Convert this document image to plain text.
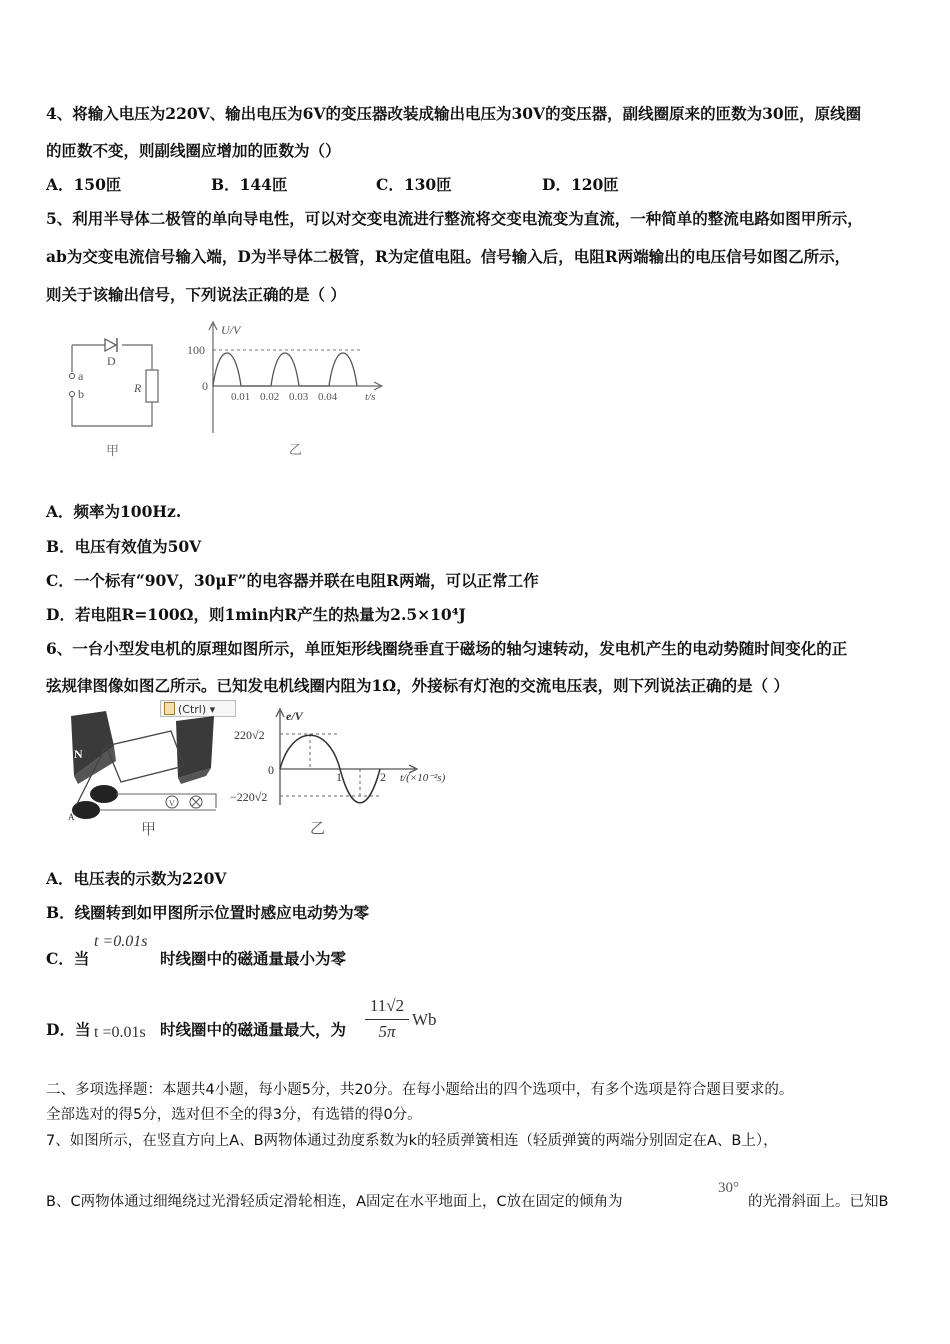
4、将输入电压为220V、输出电压为6V的变压器改装成输出电压为30V的变压器，副线圈原来的匝数为30匝，原线圈
的匝数不变，则副线圈应增加的匝数为（）
A．150匝	B．144匝	C．130匝	D．120匝
5、利用半导体二极管的单向导电性，可以对交变电流进行整流将交变电流变为直流，一种简单的整流电路如图甲所示，
ab为交变电流信号输入端，D为半导体二极管，R为定值电阻。信号输入后，电阻R两端输出的电压信号如图乙所示，
则关于该输出信号，下列说法正确的是（ ）
D
a
b	R
甲
U/V
100
0
0.01 0.02 0.03 0.04	t/s
乙
A．频率为100Hz.
B．电压有效值为50V
C．一个标有“90V，30μF”的电容器并联在电阻R两端，可以正常工作
D．若电阻R=100Ω，则1min内R产生的热量为2.5×10⁴J
6、一台小型发电机的原理如图所示，单匝矩形线圈绕垂直于磁场的轴匀速转动，发电机产生的电动势随时间变化的正
弦规律图像如图乙所示。已知发电机线圈内阻为1Ω，外接标有灯泡的交流电压表，则下列说法正确的是（ ）
(Ctrl) ▾
V
N
A
甲
e/V
220√2
0
−220√2
1	2 t/(×10⁻²s)
乙
A．电压表的示数为220V
B．线圈转到如甲图所示位置时感应电动势为零
C．当
t =0.01s
时线圈中的磁通量最小为零
D．当 t =0.01s 时线圈中的磁通量最大，为
11√2
5π
Wb
二、多项选择题：本题共4小题，每小题5分，共20分。在每小题给出的四个选项中，有多个选项是符合题目要求的。
全部选对的得5分，选对但不全的得3分，有选错的得0分。
7、如图所示，在竖直方向上A、B两物体通过劲度系数为k的轻质弹簧相连（轻质弹簧的两端分别固定在A、B上），
B、C两物体通过细绳绕过光滑轻质定滑轮相连，A固定在水平地面上，C放在固定的倾角为
30°
的光滑斜面上。已知B
